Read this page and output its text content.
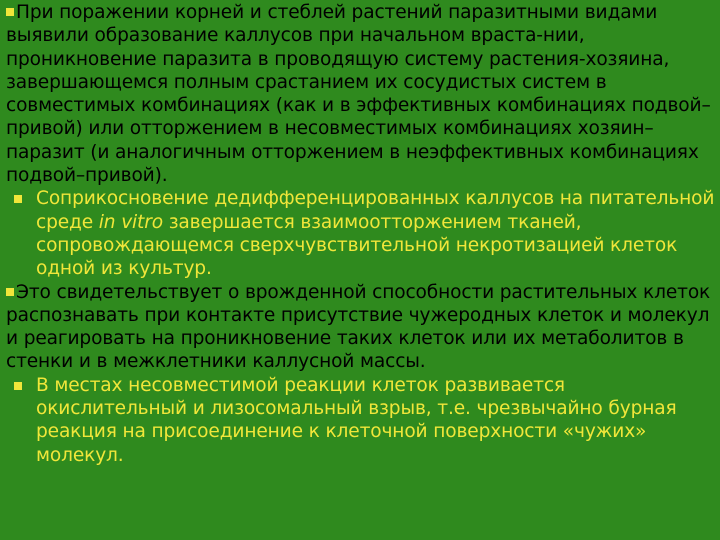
При поражении корней и стеблей растений паразитными видами выявили образование каллусов при начальном враста-нии, проникновение паразита в проводящую систему растения-хозяина, завершающемся полным срастанием их сосудистых систем в совместимых комбинациях (как и в эффективных комбинациях подвой–привой) или отторжением в несовместимых комбинациях хозяин–паразит (и аналогичным отторжением в неэффективных комбинациях подвой–привой).

Соприкосновение дедифференцированных каллусов на питательной среде in vitro завершается взаимоотторжением тканей, сопровождающемся сверхчувствительной некротизацией клеток одной из культур.

Это свидетельствует о врожденной способности растительных клеток распознавать при контакте присутствие чужеродных клеток и молекул и реагировать на проникновение таких клеток или их метаболитов в стенки и в межклетники каллусной массы.

В местах несовместимой реакции клеток развивается окислительный и лизосомальный взрыв, т.е. чрезвычайно бурная реакция на присоединение к клеточной поверхности «чужих» молекул.
